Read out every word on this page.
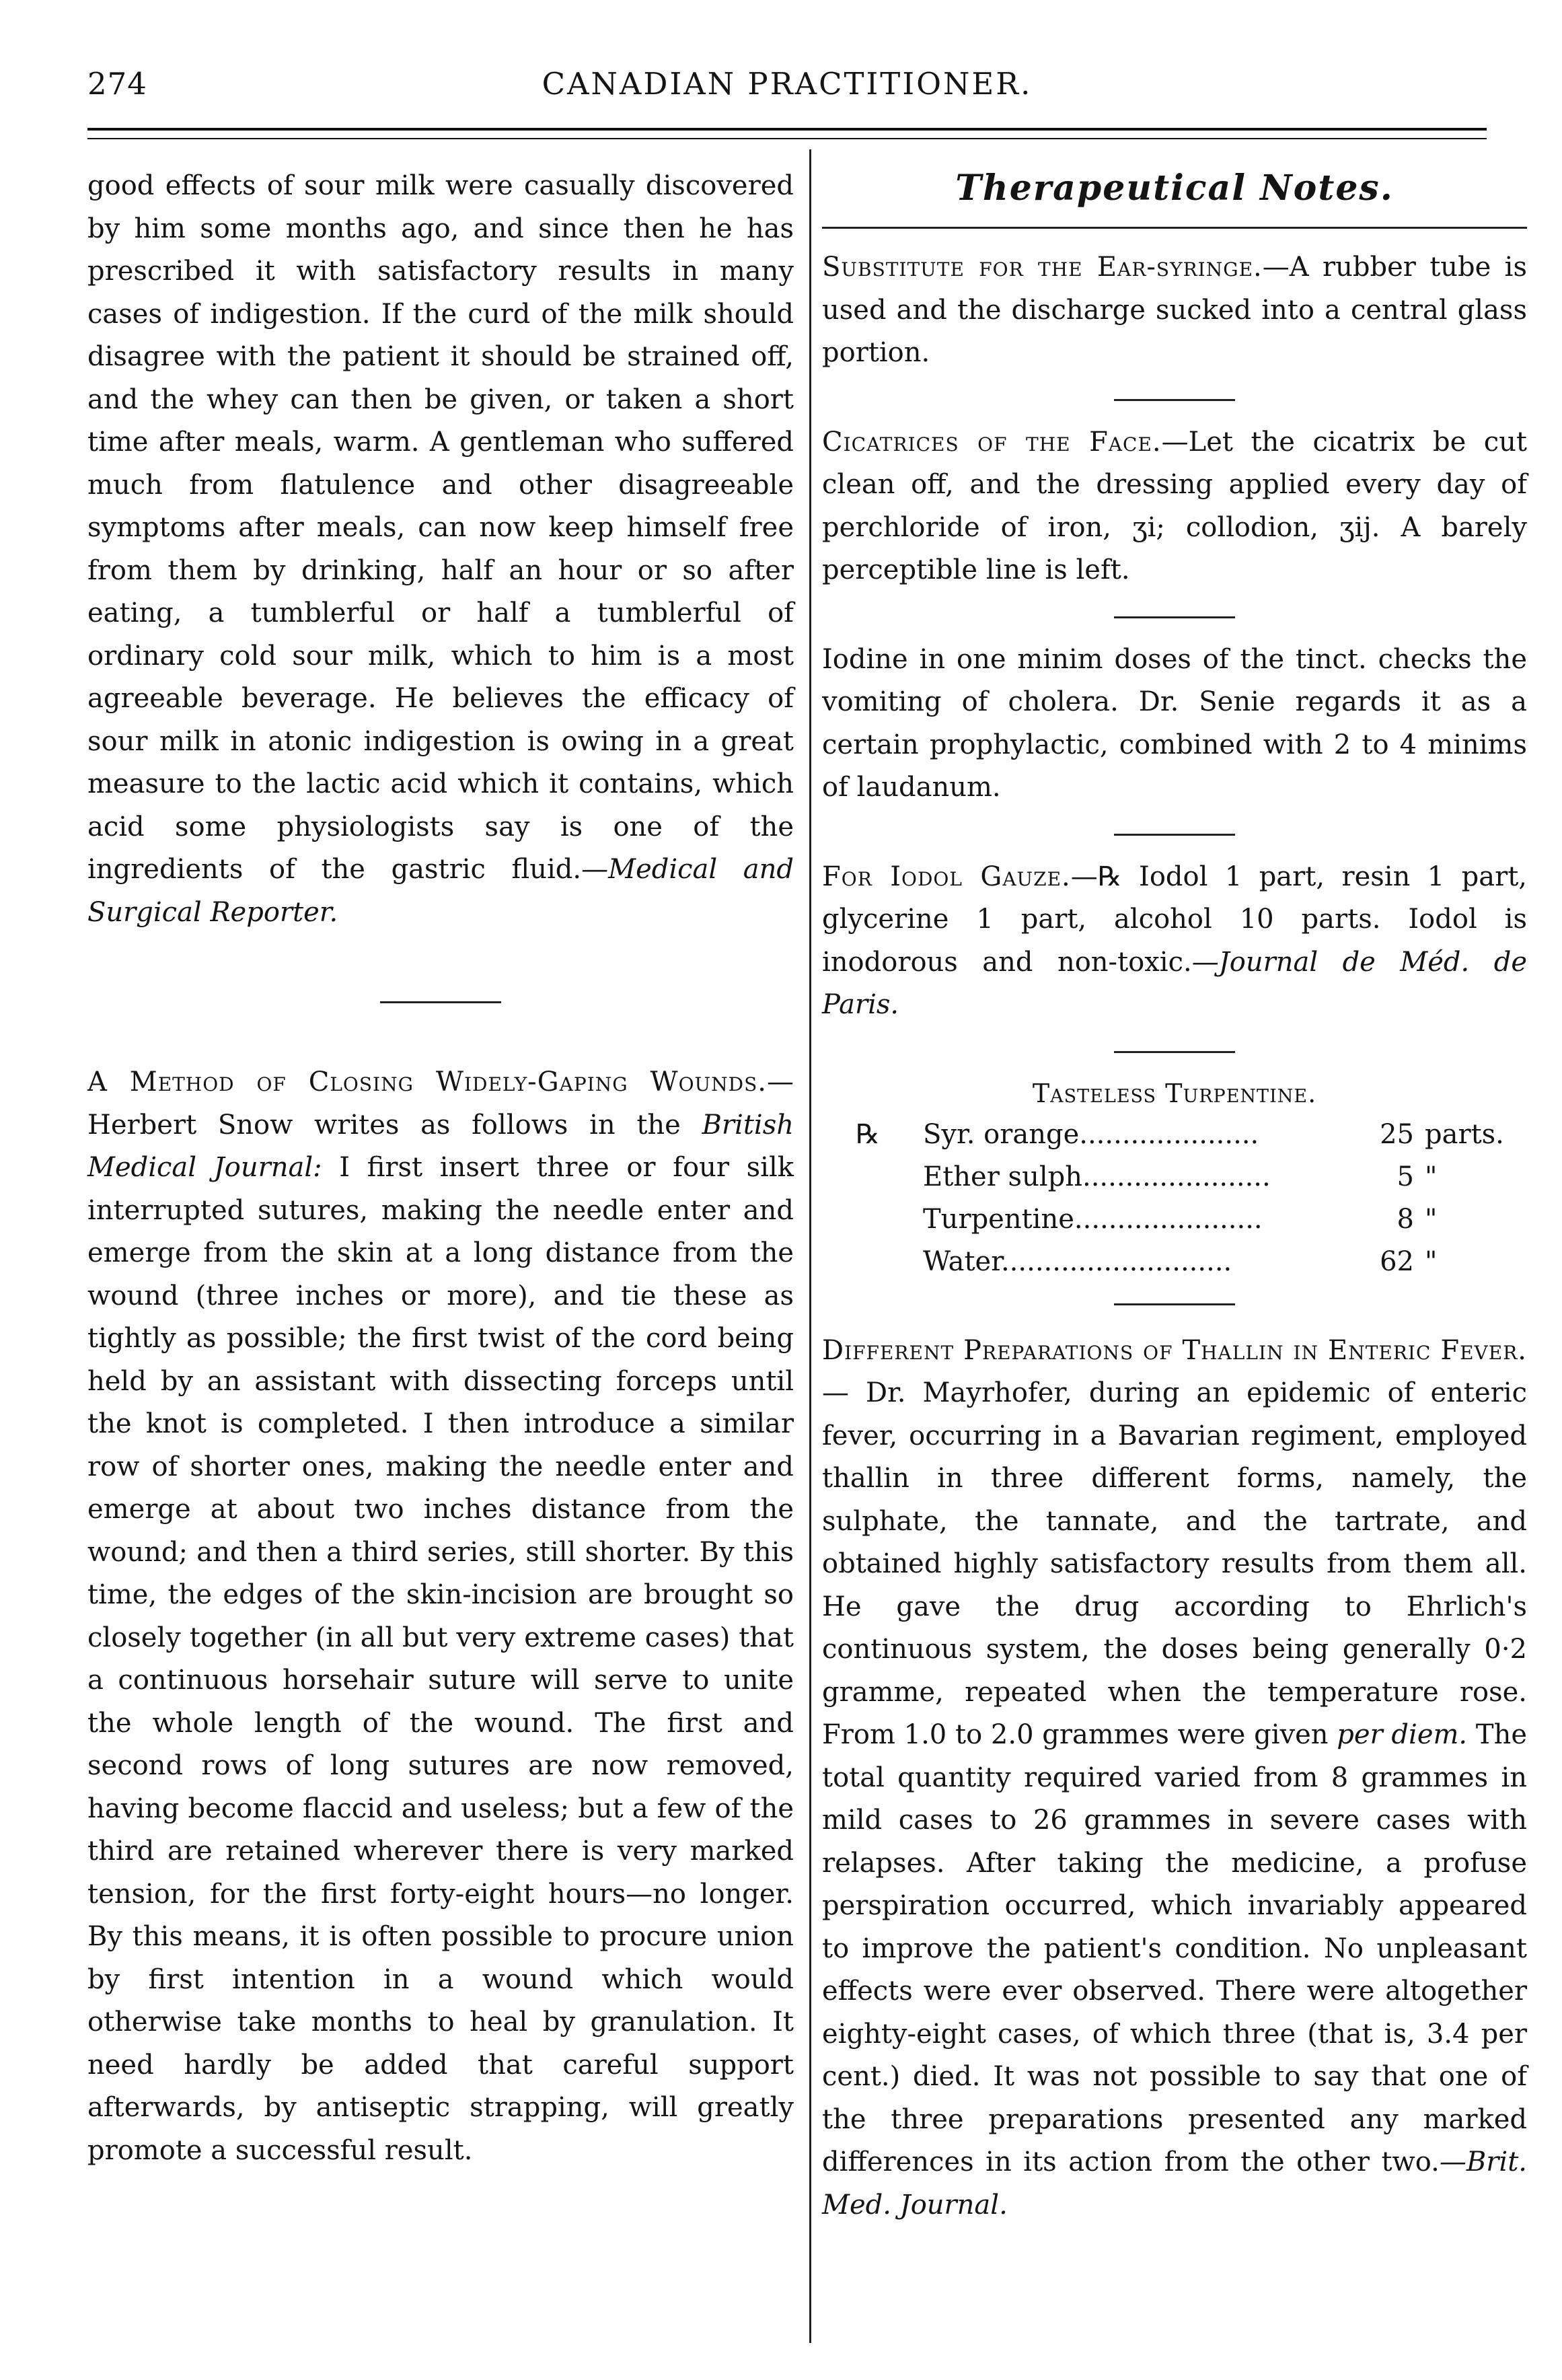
274	CANADIAN PRACTITIONER.

good effects of sour milk were casually discovered by him some months ago, and since then he has prescribed it with satisfactory results in many cases of indigestion. If the curd of the milk should disagree with the patient it should be strained off, and the whey can then be given, or taken a short time after meals, warm. A gentleman who suffered much from flatulence and other disagreeable symptoms after meals, can now keep himself free from them by drinking, half an hour or so after eating, a tumblerful or half a tumblerful of ordinary cold sour milk, which to him is a most agreeable beverage. He believes the efficacy of sour milk in atonic indigestion is owing in a great measure to the lactic acid which it contains, which acid some physiologists say is one of the ingredients of the gastric fluid.—Medical and Surgical Reporter.

A Method of Closing Widely-Gaping Wounds.—Herbert Snow writes as follows in the British Medical Journal: I first insert three or four silk interrupted sutures, making the needle enter and emerge from the skin at a long distance from the wound (three inches or more), and tie these as tightly as possible; the first twist of the cord being held by an assistant with dissecting forceps until the knot is completed. I then introduce a similar row of shorter ones, making the needle enter and emerge at about two inches distance from the wound; and then a third series, still shorter. By this time, the edges of the skin-incision are brought so closely together (in all but very extreme cases) that a continuous horsehair suture will serve to unite the whole length of the wound. The first and second rows of long sutures are now removed, having become flaccid and useless; but a few of the third are retained wherever there is very marked tension, for the first forty-eight hours—no longer. By this means, it is often possible to procure union by first intention in a wound which would otherwise take months to heal by granulation. It need hardly be added that careful support afterwards, by antiseptic strapping, will greatly promote a successful result.

Therapeutical Notes.

Substitute for the Ear-syringe.—A rubber tube is used and the discharge sucked into a central glass portion.

Cicatrices of the Face.—Let the cicatrix be cut clean off, and the dressing applied every day of perchloride of iron, ʒi; collodion, ʒij. A barely perceptible line is left.

Iodine in one minim doses of the tinct. checks the vomiting of cholera. Dr. Senie regards it as a certain prophylactic, combined with 2 to 4 minims of laudanum.

For Iodol Gauze.—℞ Iodol 1 part, resin 1 part, glycerine 1 part, alcohol 10 parts. Iodol is inodorous and non-toxic.—Journal de Méd. de Paris.

Tasteless Turpentine.
℞	Syr. orange.....................	25 parts.
Ether sulph......................	5 "
Turpentine......................	8 "
Water...........................	62 "

Different Preparations of Thallin in Enteric Fever. — Dr. Mayrhofer, during an epidemic of enteric fever, occurring in a Bavarian regiment, employed thallin in three different forms, namely, the sulphate, the tannate, and the tartrate, and obtained highly satisfactory results from them all. He gave the drug according to Ehrlich's continuous system, the doses being generally 0·2 gramme, repeated when the temperature rose. From 1.0 to 2.0 grammes were given per diem. The total quantity required varied from 8 grammes in mild cases to 26 grammes in severe cases with relapses. After taking the medicine, a profuse perspiration occurred, which invariably appeared to improve the patient's condition. No unpleasant effects were ever observed. There were altogether eighty-eight cases, of which three (that is, 3.4 per cent.) died. It was not possible to say that one of the three preparations presented any marked differences in its action from the other two.—Brit. Med. Journal.
